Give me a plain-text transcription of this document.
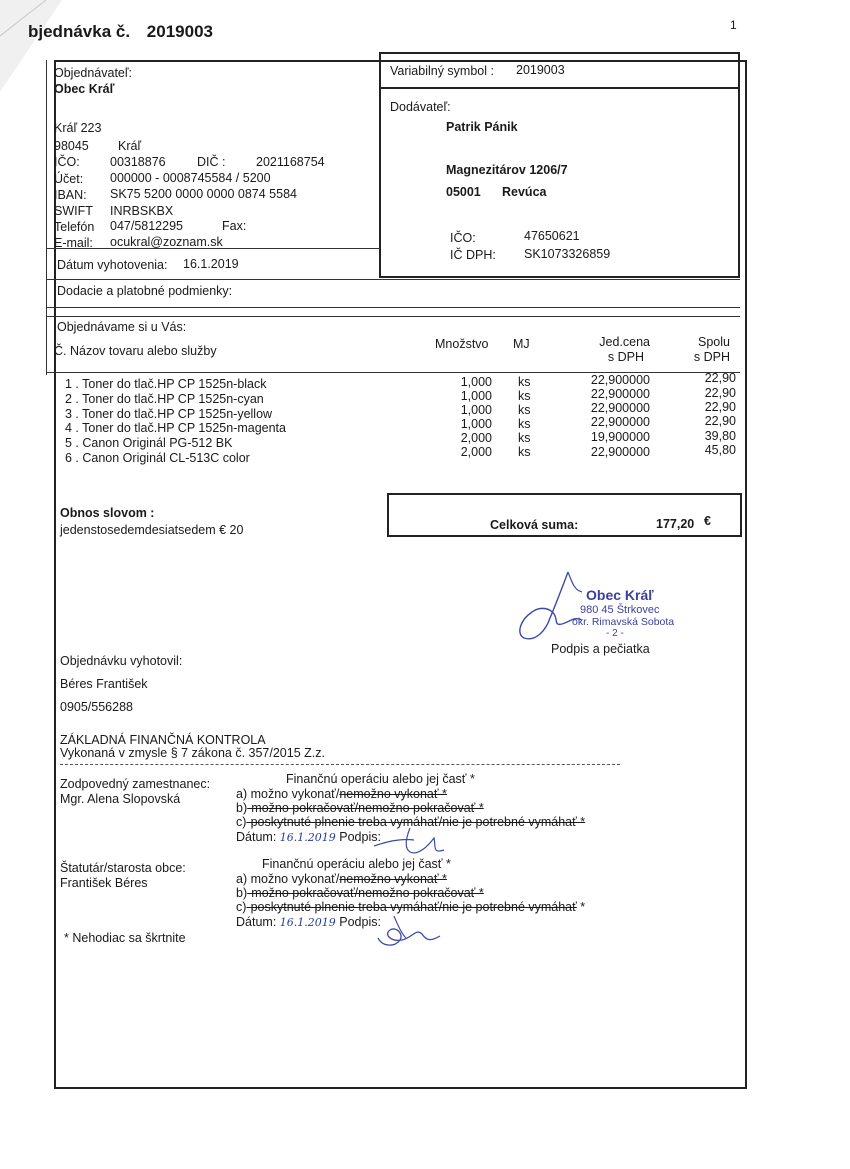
bjednávka č. 2019003	1
Objednávateľ:
Obec Kráľ
Kráľ 223
98045 Kráľ
IČO: 00318876	DIČ : 2021168754
Účet: 000000 - 0008745584 / 5200
IBAN: SK75 5200 0000 0000 0874 5584
SWIFT INRBSKBX
Telefón 047/5812295	Fax:
E-mail: ocukral@zoznam.sk
Dátum vyhotovenia: 16.1.2019
Variabilný symbol : 2019003
Dodávateľ:
Patrik Pánik
Magnezitárov 1206/7
05001 Revúca
IČO:	47650621
IČ DPH: SK1073326859
Dodacie a platobné podmienky:
Objednávame si u Vás:
Č. Názov tovaru alebo služby	Množstvo MJ	Jed.cena
s DPH
Spolu
s DPH
1 . Toner do tlač.HP CP 1525n-black	1,000 ks	22,900000	22,90
2 . Toner do tlač.HP CP 1525n-cyan	1,000 ks	22,900000	22,90
3 . Toner do tlač.HP CP 1525n-yellow	1,000 ks	22,900000	22,90
4 . Toner do tlač.HP CP 1525n-magenta	1,000 ks	22,900000	22,90
5 . Canon Originál PG-512 BK	2,000 ks	19,900000	39,80
6 . Canon Originál CL-513C color	2,000 ks	22,900000	45,80
Obnos slovom :
jedenstosedemdesiatsedem € 20	Celková suma:	177,20 €
Obec Kráľ
980 45 Štrkovec
okr. Rimavská Sobota
- 2 -
Podpis a pečiatka
Objednávku vyhotovil:
Béres František
0905/556288
ZÁKLADNÁ FINANČNÁ KONTROLA
Vykonaná v zmysle § 7 zákona č. 357/2015 Z.z.
Zodpovedný zamestnanec:
Mgr. Alena Slopovská
Finančnú operáciu alebo jej časť *
a) možno vykonať/nemožno vykonať *
b)-možno pokračovať/nemožno pokračovať *
c)-poskytnuté plnenie treba vymáhať/nie je potrebné vymáhať *
Dátum: 16.1.2019 Podpis:
Štatutár/starosta obce:
František Béres
Finančnú operáciu alebo jej časť *
a) možno vykonať/nemožno vykonať *
b)-možno pokračovať/nemožno pokračovať *
c)-poskytnuté plnenie treba vymáhať/nie je potrebné vymáhať *
Dátum: 16.1.2019 Podpis:
* Nehodiac sa škrtnite
